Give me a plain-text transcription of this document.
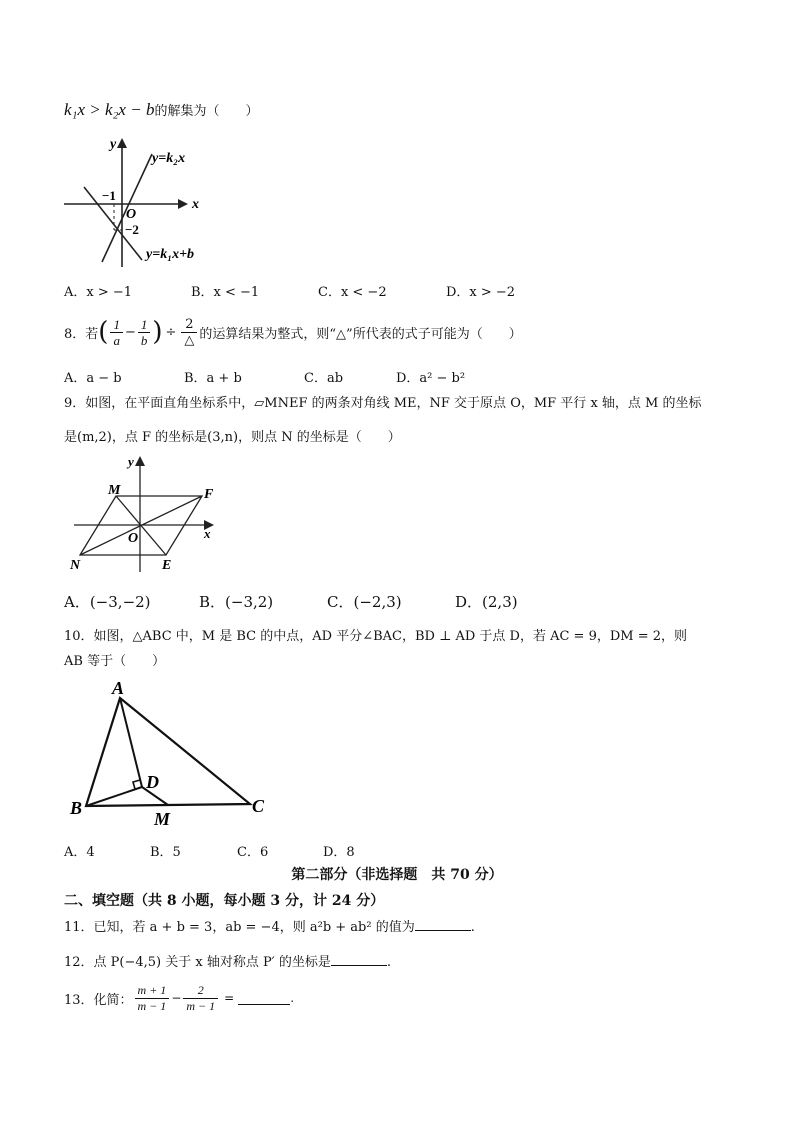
k₁x > k₂x − b的解集为（　　）
y
x
O
−1
−2
y=k₂x
y=k₁x+b
A．x > −1	B．x < −1	C．x < −2	D．x > −2
8．若 ( $\frac{1}{a} - \frac{1}{b}$ ) ÷ $\frac{2}{\triangle}$ 的运算结果为整式，则“△”所代表的式子可能为（　　）
A．a − b	B．a + b	C．ab	D．a² − b²
9．如图，在平面直角坐标系中，▱MNEF 的两条对角线 ME，NF 交于原点 O，MF 平行 x 轴，点 M 的坐标
是(m,2)，点 F 的坐标是(3,n)，则点 N 的坐标是（　　）
y
x
O
M	F
N	E
A．(−3,−2)	B．(−3,2)	C．(−2,3)	D．(2,3)
10．如图，△ABC 中，M 是 BC 的中点，AD 平分∠BAC，BD ⊥ AD 于点 D，若 AC = 9，DM = 2，则
AB 等于（　　）
A
B	C
D
M
A．4	B．5	C．6	D．8
第二部分（非选择题　共 70 分）
二、填空题（共 8 小题，每小题 3 分，计 24 分）
11．已知，若 a + b = 3，ab = −4，则 a²b + ab² 的值为	.
12．点 P(−4,5) 关于 x 轴对称点 P′ 的坐标是	.
13．化简： $\frac{m + 1}{m - 1} - \frac{2}{m - 1}$ =	.
